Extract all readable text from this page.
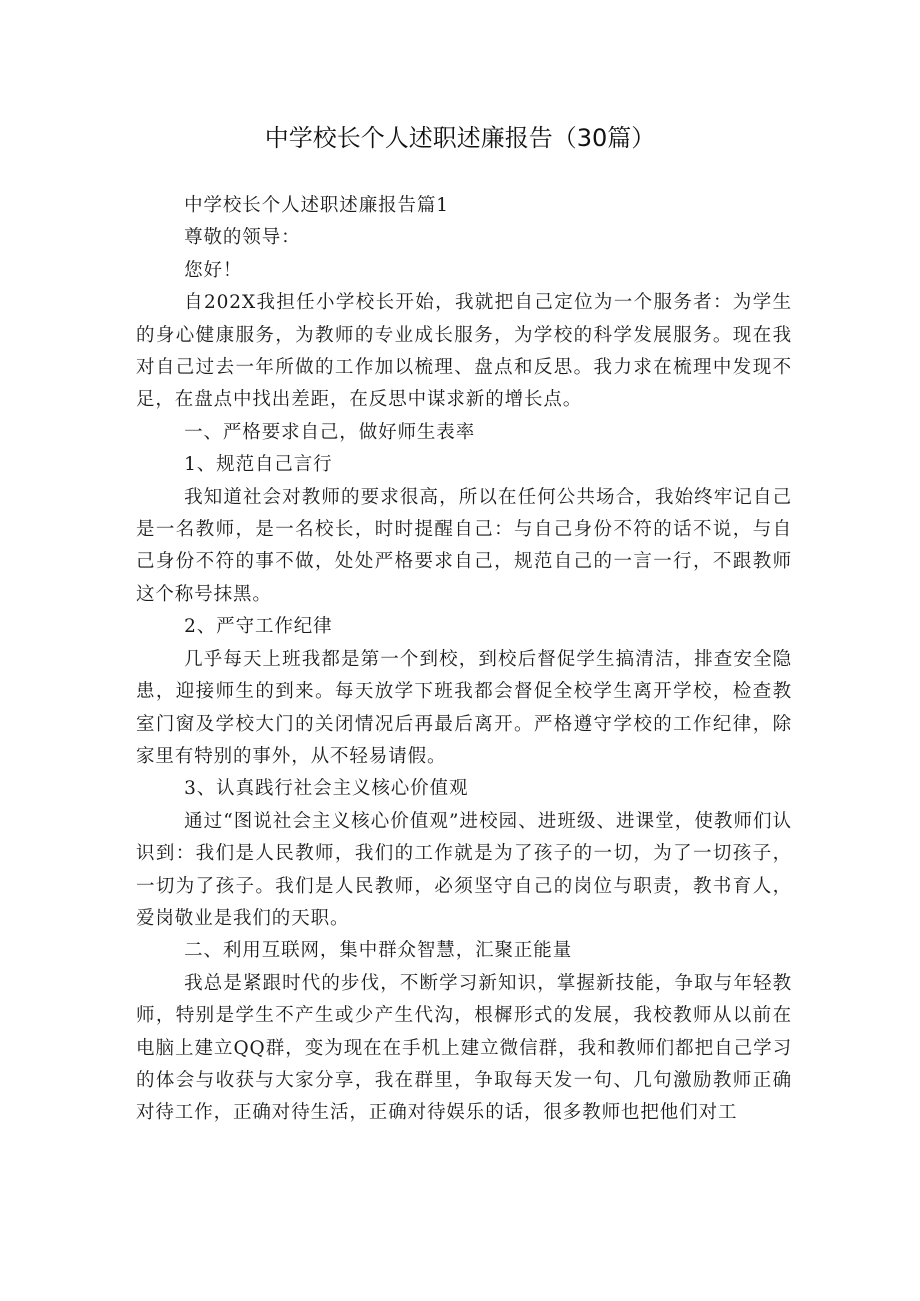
中学校长个人述职述廉报告（30篇）

中学校长个人述职述廉报告篇1

尊敬的领导：

您好！

自202X我担任小学校长开始，我就把自己定位为一个服务者：为学生的身心健康服务，为教师的专业成长服务，为学校的科学发展服务。现在我对自己过去一年所做的工作加以梳理、盘点和反思。我力求在梳理中发现不足，在盘点中找出差距，在反思中谋求新的增长点。

一、严格要求自己，做好师生表率

1、规范自己言行

我知道社会对教师的要求很高，所以在任何公共场合，我始终牢记自己是一名教师，是一名校长，时时提醒自己：与自己身份不符的话不说，与自己身份不符的事不做，处处严格要求自己，规范自己的一言一行，不跟教师这个称号抹黑。

2、严守工作纪律

几乎每天上班我都是第一个到校，到校后督促学生搞清洁，排查安全隐患，迎接师生的到来。每天放学下班我都会督促全校学生离开学校，检查教室门窗及学校大门的关闭情况后再最后离开。严格遵守学校的工作纪律，除家里有特别的事外，从不轻易请假。

3、认真践行社会主义核心价值观

通过“图说社会主义核心价值观”进校园、进班级、进课堂，使教师们认识到：我们是人民教师，我们的工作就是为了孩子的一切，为了一切孩子，一切为了孩子。我们是人民教师，必须坚守自己的岗位与职责，教书育人，爱岗敬业是我们的天职。

二、利用互联网，集中群众智慧，汇聚正能量

我总是紧跟时代的步伐，不断学习新知识，掌握新技能，争取与年轻教师，特别是学生不产生或少产生代沟，根樨形式的发展，我校教师从以前在电脑上建立QQ群，变为现在在手机上建立微信群，我和教师们都把自己学习的体会与收获与大家分享，我在群里，争取每天发一句、几句激励教师正确对待工作，正确对待生活，正确对待娱乐的话，很多教师也把他们对工
